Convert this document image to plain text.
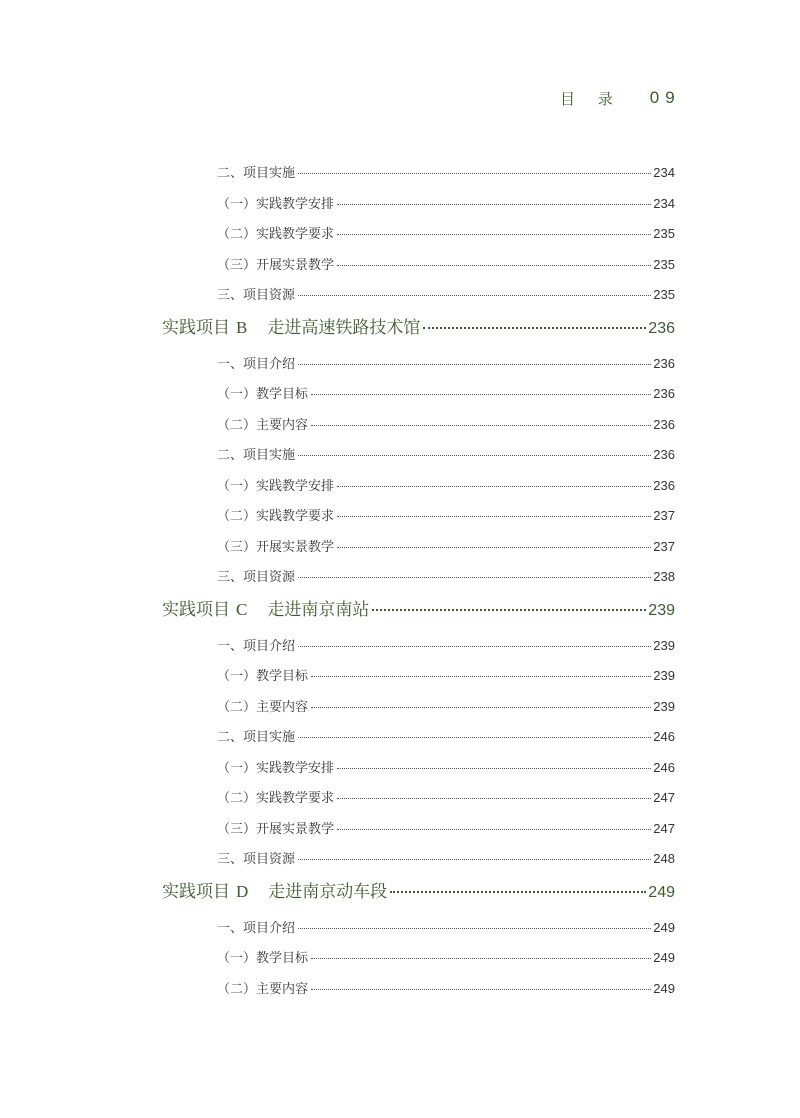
目 录 09
二、项目实施	234
（一）实践教学安排	234
（二）实践教学要求	235
（三）开展实景教学	235
三、项目资源	235
实践项目 B 走进高速铁路技术馆	236
一、项目介绍	236
（一）教学目标	236
（二）主要内容	236
二、项目实施	236
（一）实践教学安排	236
（二）实践教学要求	237
（三）开展实景教学	237
三、项目资源	238
实践项目 C 走进南京南站	239
一、项目介绍	239
（一）教学目标	239
（二）主要内容	239
二、项目实施	246
（一）实践教学安排	246
（二）实践教学要求	247
（三）开展实景教学	247
三、项目资源	248
实践项目 D 走进南京动车段	249
一、项目介绍	249
（一）教学目标	249
（二）主要内容	249
